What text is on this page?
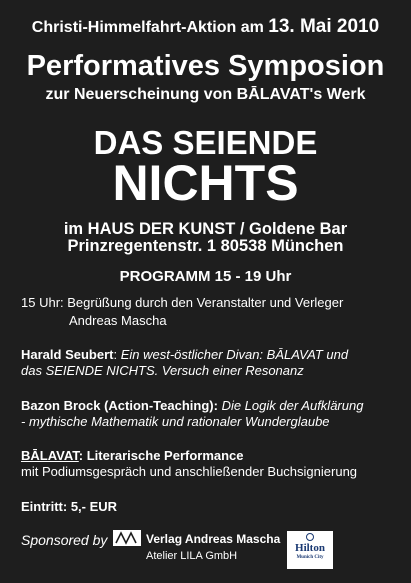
Christi-Himmelfahrt-Aktion am 13. Mai 2010
Performatives Symposion
zur Neuerscheinung von BĀLAVAT's Werk
DAS SEIENDE
NICHTS
im HAUS DER KUNST / Goldene Bar
Prinzregentenstr. 1 80538 München
PROGRAMM 15 - 19 Uhr
15 Uhr: Begrüßung durch den Veranstalter und Verleger
Andreas Mascha
Harald Seubert: Ein west-östlicher Divan: BĀLAVAT und
das SEIENDE NICHTS. Versuch einer Resonanz
Bazon Brock (Action-Teaching): Die Logik der Aufklärung
- mythische Mathematik und rationaler Wunderglaube
BĀLAVAT: Literarische Performance
mit Podiumsgespräch und anschließender Buchsignierung
Eintritt: 5,- EUR
Sponsored by	Verlag Andreas Mascha
Atelier LILA GmbH
Hilton
Munich City
